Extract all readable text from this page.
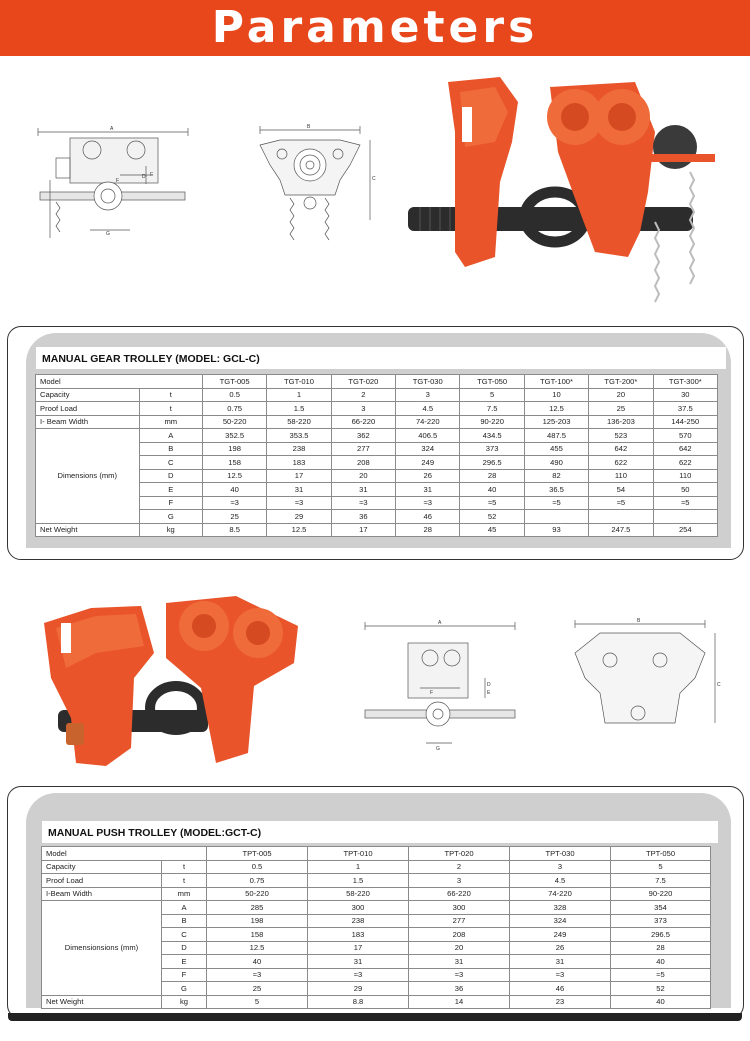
Parameters
A
D
F
E
G
B
C
MANUAL GEAR TROLLEY (MODEL: GCL-C)
Model		TGT-005	TGT-010	TGT-020	TGT-030	TGT-050	TGT-100*	TGT-200*	TGT-300*
Capacity	t	0.5	1	2	3	5	10	20	30
Proof Load	t	0.75	1.5	3	4.5	7.5	12.5	25	37.5
I- Beam Width	mm	50-220	58-220	66-220	74-220	90-220	125-203	136-203	144-250
Dimensions (mm)	A	352.5	353.5	362	406.5	434.5	487.5	523	570
	B	198	238	277	324	373	455	642	642
	C	158	183	208	249	296.5	490	622	622
	D	12.5	17	20	26	28	82	110	110
	E	40	31	31	31	40	36.5	54	50
	F	≈3	≈3	≈3	≈3	≈5	≈5	≈5	≈5
	G	25	29	36	46	52			
Net Weight	kg	8.5	12.5	17	28	45	93	247.5	254
A
F
D
E
G
B
C
MANUAL PUSH TROLLEY (MODEL:GCT-C)
Model		TPT-005	TPT-010	TPT-020	TPT-030	TPT-050
Capacity	t	0.5	1	2	3	5
Proof Load	t	0.75	1.5	3	4.5	7.5
I-Beam Width	mm	50-220	58-220	66-220	74-220	90-220
Dimensionsions (mm)	A	285	300	300	328	354
	B	198	238	277	324	373
	C	158	183	208	249	296.5
	D	12.5	17	20	26	28
	E	40	31	31	31	40
	F	≈3	≈3	≈3	≈3	≈5
	G	25	29	36	46	52
Net Weight	kg	5	8.8	14	23	40
